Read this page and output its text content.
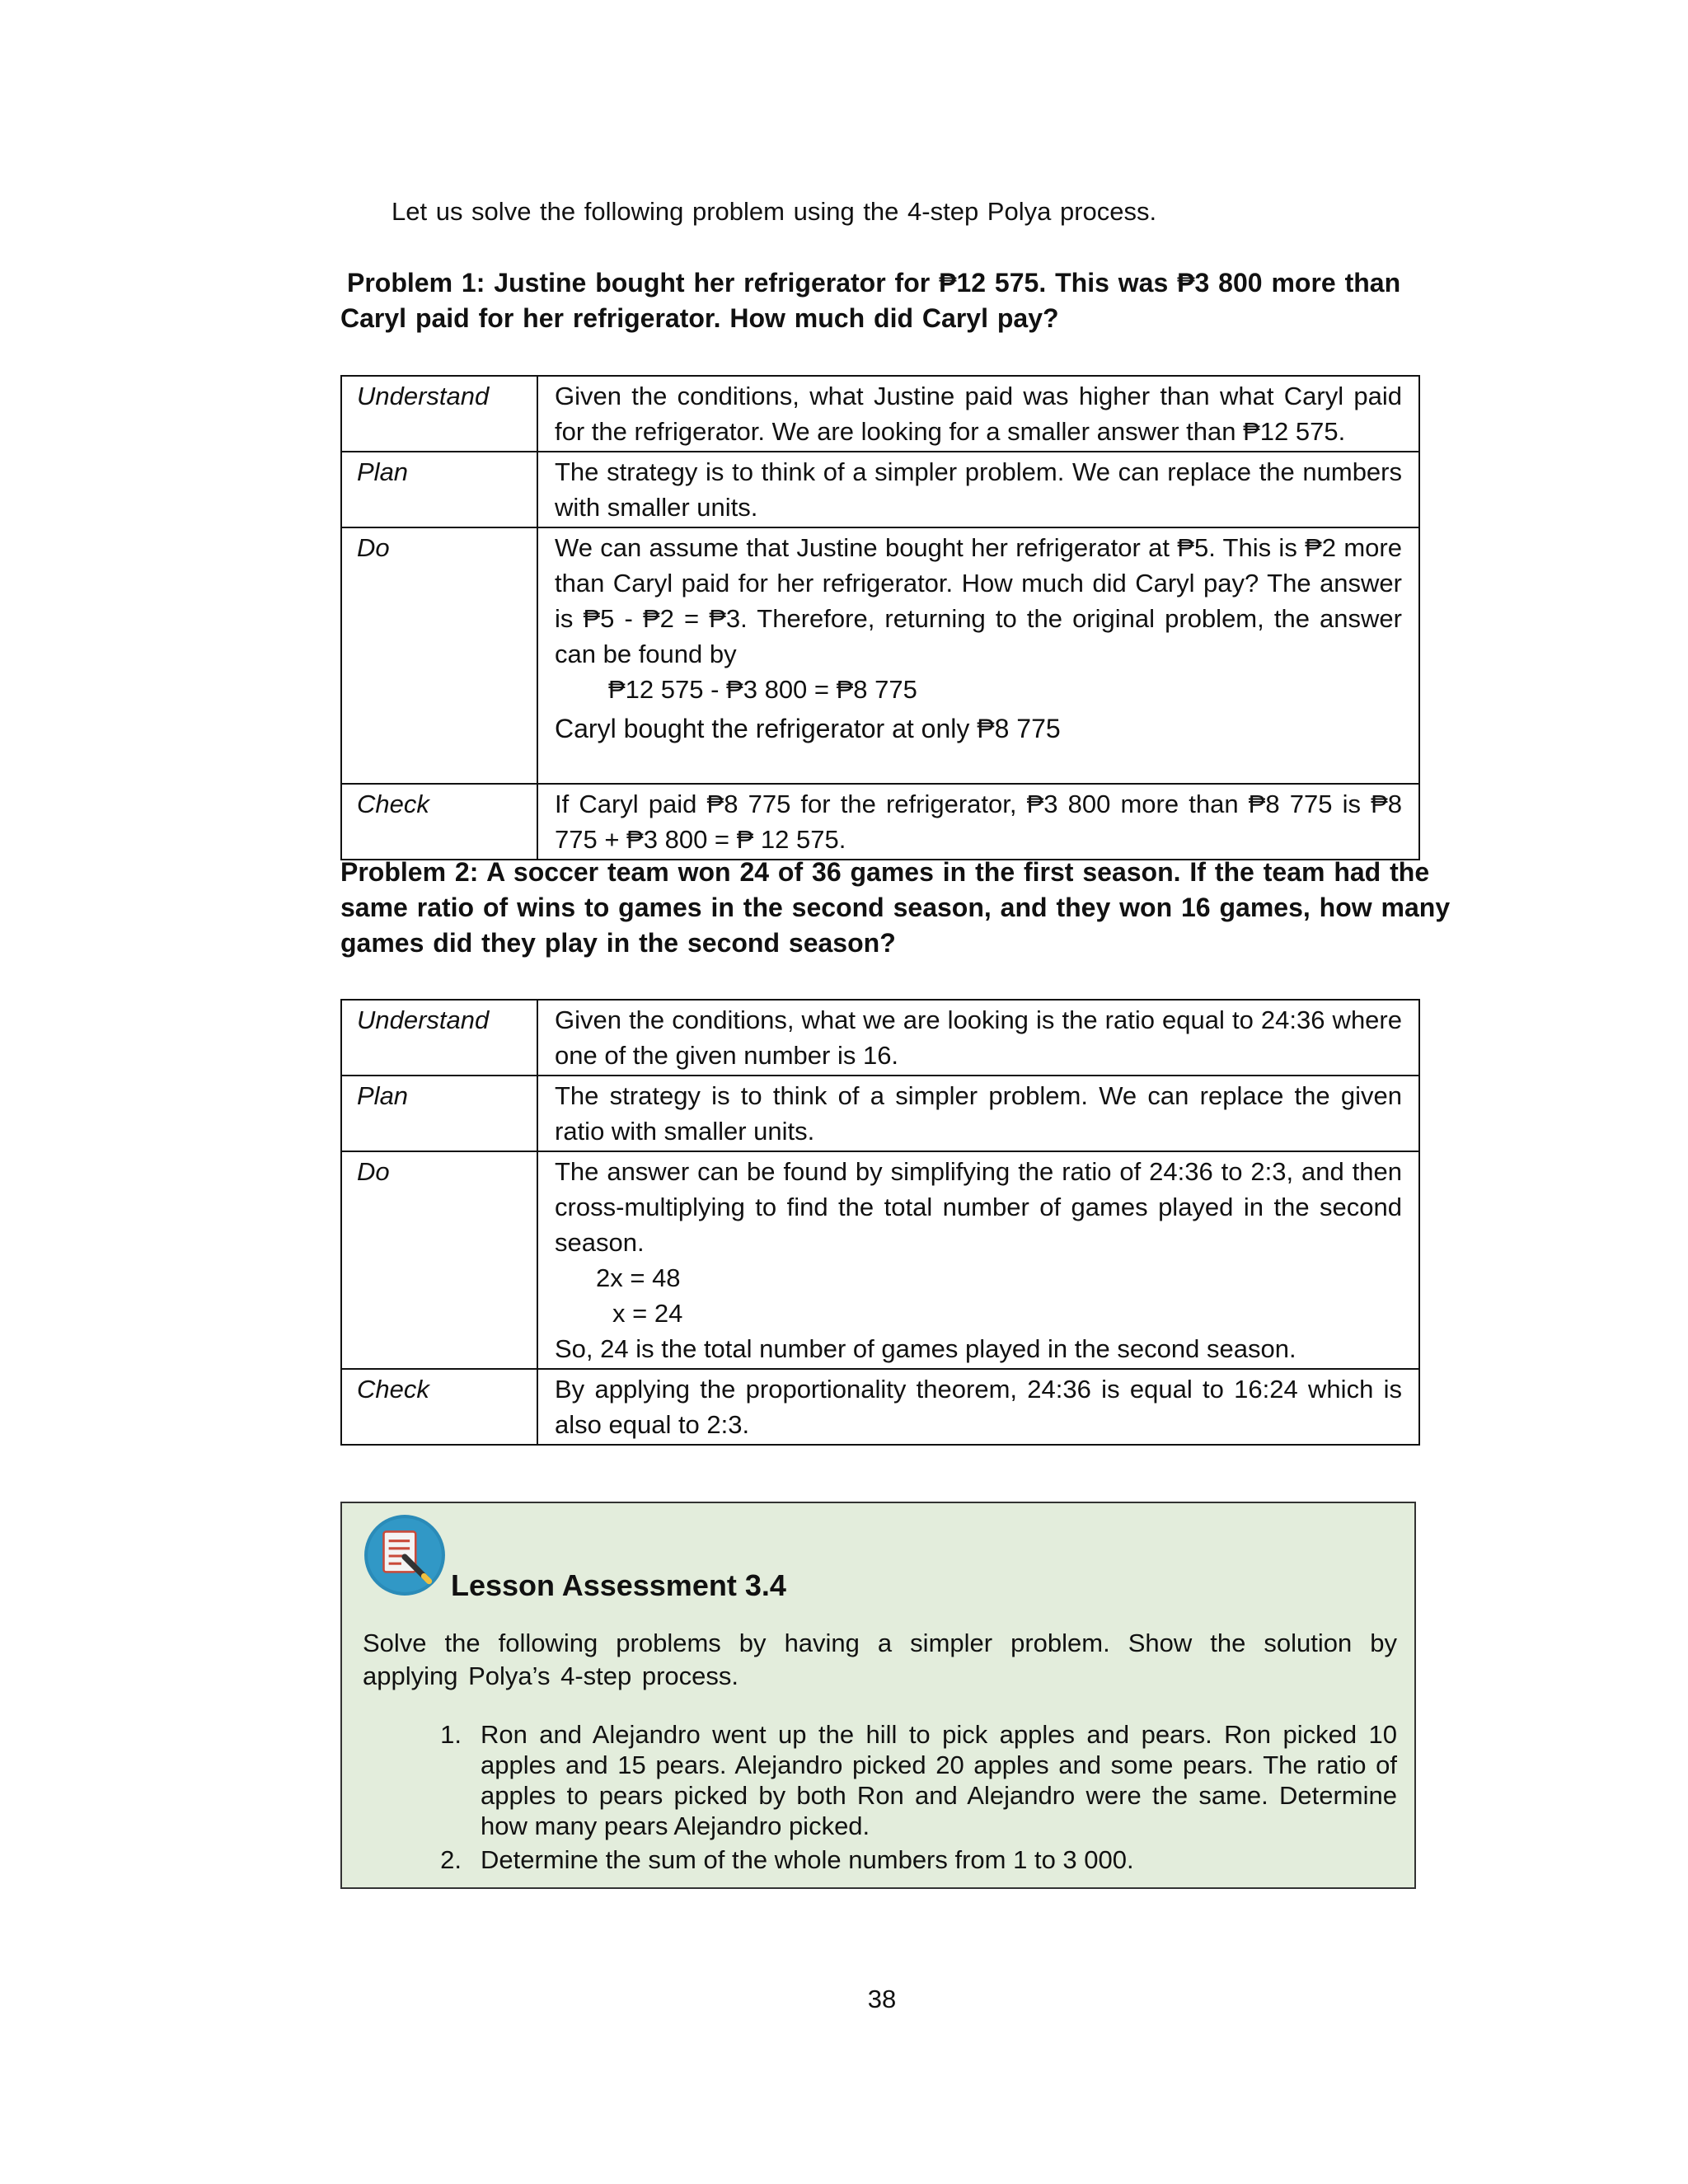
Let us solve the following problem using the 4-step Polya process.
Problem 1: Justine bought her refrigerator for ₱12 575. This was ₱3 800 more than Caryl paid for her refrigerator. How much did Caryl pay?
Understand	Given the conditions, what Justine paid was higher than what Caryl paid for the refrigerator. We are looking for a smaller answer than ₱12 575.
Plan	The strategy is to think of a simpler problem. We can replace the numbers with smaller units.
Do	We can assume that Justine bought her refrigerator at ₱5. This is ₱2 more than Caryl paid for her refrigerator. How much did Caryl pay? The answer is ₱5 - ₱2 = ₱3. Therefore, returning to the original problem, the answer can be found by
₱12 575 - ₱3 800 = ₱8 775
Caryl bought the refrigerator at only ₱8 775

Check	If Caryl paid ₱8 775 for the refrigerator, ₱3 800 more than ₱8 775 is ₱8 775 + ₱3 800 = ₱ 12 575.
Problem 2: A soccer team won 24 of 36 games in the first season. If the team had the same ratio of wins to games in the second season, and they won 16 games, how many games did they play in the second season?
Understand	Given the conditions, what we are looking is the ratio equal to 24:36 where one of the given number is 16.
Plan	The strategy is to think of a simpler problem. We can replace the given ratio with smaller units.
Do	The answer can be found by simplifying the ratio of 24:36 to 2:3, and then cross-multiplying to find the total number of games played in the second season.
2x = 48
x = 24
So, 24 is the total number of games played in the second season.

Check	By applying the proportionality theorem, 24:36 is equal to 16:24 which is also equal to 2:3.
Lesson Assessment 3.4
Solve the following problems by having a simpler problem. Show the solution by applying Polya’s 4-step process.
1. Ron and Alejandro went up the hill to pick apples and pears. Ron picked 10 apples and 15 pears. Alejandro picked 20 apples and some pears. The ratio of apples to pears picked by both Ron and Alejandro were the same. Determine how many pears Alejandro picked.
2. Determine the sum of the whole numbers from 1 to 3 000.
38
